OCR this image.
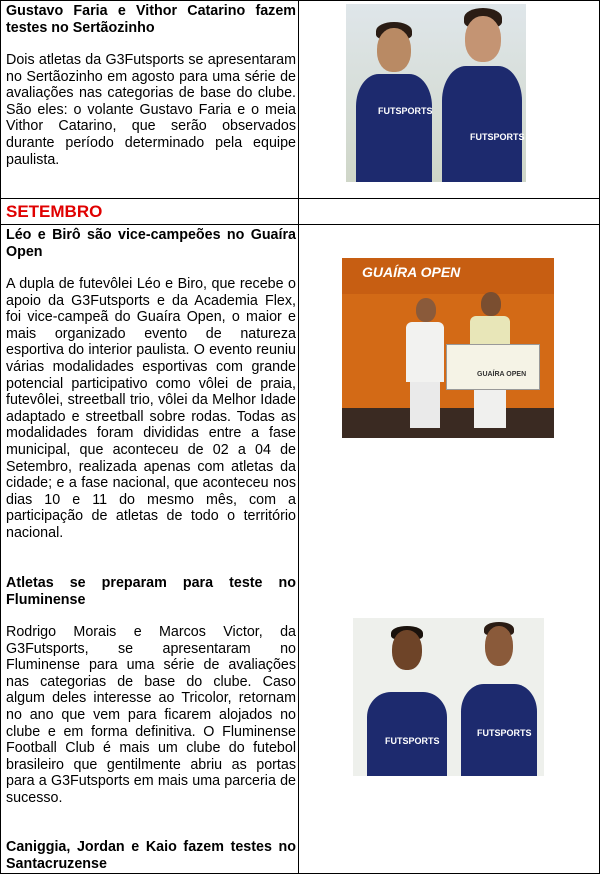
Gustavo Faria e Vithor Catarino fazem testes no Sertãozinho
Dois atletas da G3Futsports se apresentaram no Sertãozinho em agosto para uma série de avaliações nas categorias de base do clube. São eles: o volante Gustavo Faria e o meia Vithor Catarino, que serão observados durante período determinado pela equipe paulista.
FUTSPORTS
FUTSPORTS
SETEMBRO
Léo e Birô são vice-campeões no Guaíra Open
A dupla de futevôlei Léo e Biro, que recebe o apoio da G3Futsports e da Academia Flex, foi vice-campeã do Guaíra Open, o maior e mais organizado evento de natureza esportiva do interior paulista. O evento reuniu várias modalidades esportivas com grande potencial participativo como vôlei de praia, futevôlei, streetball trio, vôlei da Melhor Idade adaptado e streetball sobre rodas. Todas as modalidades foram divididas entre a fase municipal, que aconteceu de 02 a 04 de Setembro, realizada apenas com atletas da cidade; e a fase nacional, que aconteceu nos dias 10 e 11 do mesmo mês, com a participação de atletas de todo o território nacional.
GUAÍRA OPEN
GUAÍRA OPEN
Atletas se preparam para teste no Fluminense
Rodrigo Morais e Marcos Victor, da G3Futsports, se apresentaram no Fluminense para uma série de avaliações nas categorias de base do clube. Caso algum deles interesse ao Tricolor, retornam no ano que vem para ficarem alojados no clube e em forma definitiva. O Fluminense Football Club é mais um clube do futebol brasileiro que gentilmente abriu as portas para a G3Futsports em mais uma parceria de sucesso.
FUTSPORTS
FUTSPORTS
Caniggia, Jordan e Kaio fazem testes no Santacruzense
